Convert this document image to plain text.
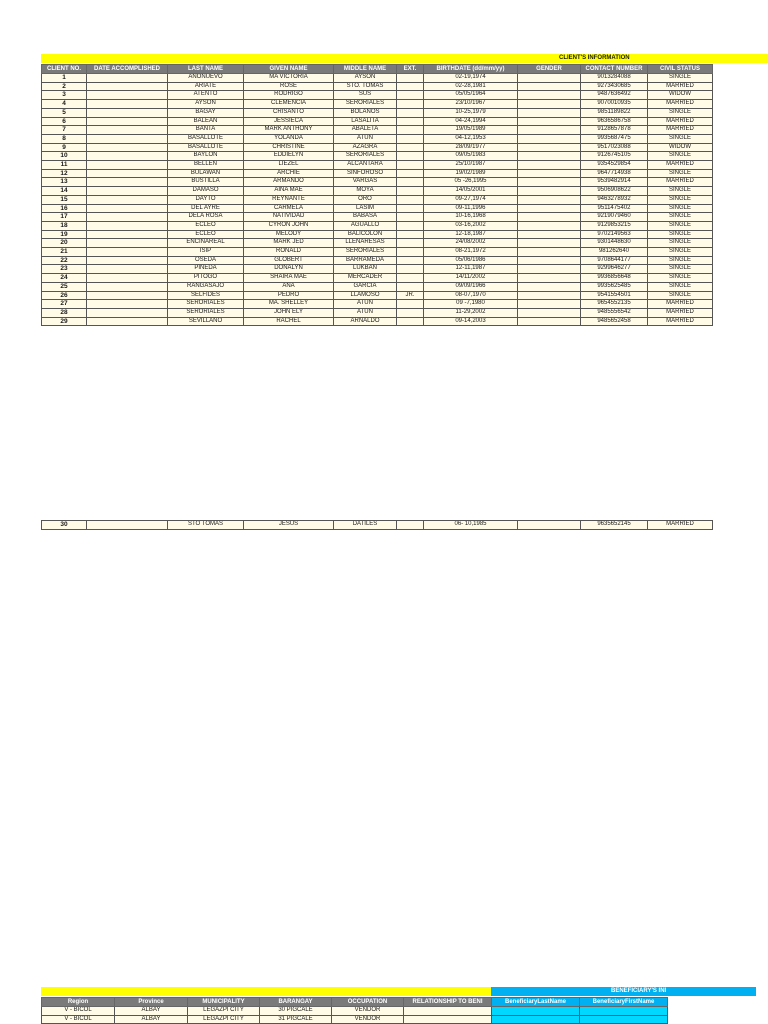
CLIENT'S INFORMATION
CLIENT NO.	DATE ACCOMPLISHED	LAST NAME	GIVEN NAME	MIDDLE NAME	EXT.	BIRTHDATE (dd/mm/yy)	GENDER	CONTACT NUMBER	CIVIL STATUS
1		AÑONUEVO	MA VICTORIA	AYSON		02-19,1974		9013284088	SINGLE
2		ARIATE	ROSE	STO. TOMAS		02-28,1981		9273430685	MARRIED
3		ATENTO	RODRIGO	SUS		05/05/1964		9487636492	WIDOW
4		AYSON	CLEMENCIA	SERORIALES		23/10/1967		9070010935	MARRIED
5		BAGAY	CRISANTO	BOLAÑOS		10-25,1979		9851189822	SINGLE
6		BALEAN	JESSIECA	LASALITA		04-24,1994		9636586758	MARRIED
7		BANTA	MARK ANTHONY	ABALETA		19/05/1989		9128657878	MARRIED
8		BASALLOTE	YOLANDA	ATUN		04-12,1953		9935687475	SINGLE
9		BASALLOTE	CHRISTINE	AZAGRA		28/09/1977		9517023088	WIDOW
10		BAYLON	EDDIELYN	SERORIALES		09/05/1983		9126745105	SINGLE
11		BELLEN	LIEZEL	ALCANTARA		25/10/1987		9354529854	MARRIED
12		BULAWAN	ARCHIE	SINFOROSO		19/02/1989		9647714938	SINGLE
13		BUSTILLA	ARMANDO	VARGAS		05 -26,1995		9539482914	MARRIED
14		DAMASO	AINA MAE	MOYA		14/05/2001		9506908622	SINGLE
15		DAYTO	REYNANTE	ORO		09-27,1974		9463278932	SINGLE
16		DEL AYRE	CARMELA	LASIM		09-11,1996		9511475402	SINGLE
17		DELA ROSA	NATIVIDAD	BABASA		10-16,1968		9219079460	SINGLE
18		ECLEO	CYRON JOHN	AGUALLO		03-16,2002		9129853215	SINGLE
19		ECLEO	MELODY	BALICOLON		12-18,1987		9702149563	SINGLE
20		ENCINAREAL	MARK JED	LLENARESAS		24/08/2002		9301448630	SINGLE
21		ISIP	RONALD	SERORIALES		08-21,1972		981262640	SINGLE
22		OSEDA	GLOBERT	BARRAMEDA		05/06/1986		9708644177	SINGLE
23		PINEDA	DONALYN	LUKBAN		12-11,1987		9299646277	SINGLE
24		PITOGO	SHAIRA MAE	MERCADER		14/11/2002		9936856648	SINGLE
25		RANGASAJO	ANA	GARCIA		09/09/1966		9935625485	SINGLE
26		SELFIDES	PEDRO	LLAMOSO	JR.	08-07,1970		9541554501	SINGLE
27		SERORIALES	MA. SHELLEY	ATUN		09 -7,1980		9654552135	MARRIED
28		SERORIALES	JOHN ELY	ATUN		11-29,2002		9485556542	MARRIED
29		SEVILLANO	RACHEL	ARNALDO		09-14,2003		9485652458	MARRIED
30		STO TOMAS	JESUS	DATILES		06- 10,1985		9635652145	MARRIED
BENEFICIARY'S INI
Region	Province	MUNICIPALITY	BARANGAY	OCCUPATION	RELATIONSHIP TO BENI	BeneficiaryLastName	BeneficiaryFirstName
V - BICOL	ALBAY	LEGAZPI CITY	30 PIGCALE	VENDOR			
V - BICOL	ALBAY	LEGAZPI CITY	31 PIGCALE	VENDOR			
